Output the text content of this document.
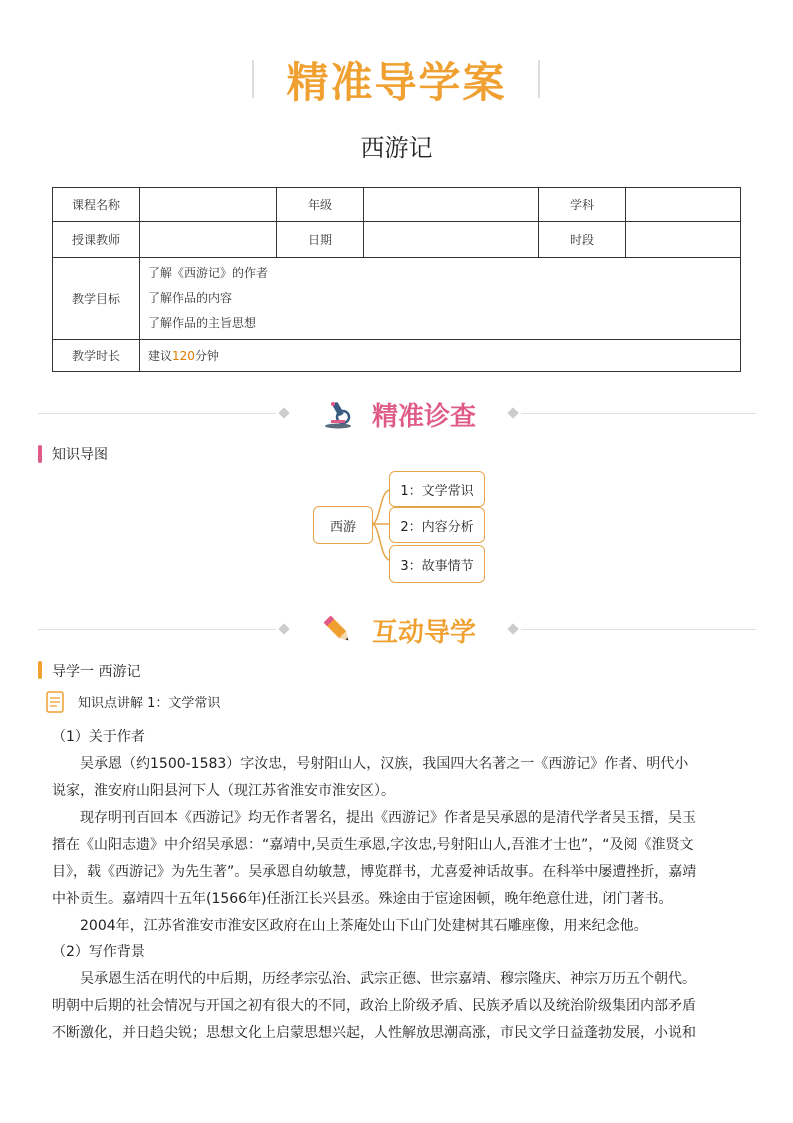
精准导学案
西游记
课程名称		年级		学科	
授课教师		日期		时段	
教学目标	了解《西游记》的作者
了解作品的内容
了解作品的主旨思想				

教学时长	建议120分钟				
精准诊查
知识导图
西游
1：文学常识
2：内容分析
3：故事情节
互动导学
导学一 西游记
知识点讲解 1：文学常识
（1）关于作者
吴承恩（约1500-1583）字汝忠，号射阳山人，汉族，我国四大名著之一《西游记》作者、明代小说家，淮安府山阳县河下人（现江苏省淮安市淮安区）。
现存明刊百回本《西游记》均无作者署名，提出《西游记》作者是吴承恩的是清代学者吴玉搢，吴玉搢在《山阳志遗》中介绍吴承恩：“嘉靖中,吴贡生承恩,字汝忠,号射阳山人,吾淮才士也”，“及阅《淮贤文目》，载《西游记》为先生著”。吴承恩自幼敏慧，博览群书，尤喜爱神话故事。在科举中屡遭挫折，嘉靖中补贡生。嘉靖四十五年(1566年)任浙江长兴县丞。殊途由于宦途困顿，晚年绝意仕进，闭门著书。
2004年，江苏省淮安市淮安区政府在山上茶庵处山下山门处建树其石雕座像，用来纪念他。
（2）写作背景
吴承恩生活在明代的中后期，历经孝宗弘治、武宗正德、世宗嘉靖、穆宗隆庆、神宗万历五个朝代。明朝中后期的社会情况与开国之初有很大的不同，政治上阶级矛盾、民族矛盾以及统治阶级集团内部矛盾不断激化，并日趋尖锐；思想文化上启蒙思想兴起，人性解放思潮高涨，市民文学日益蓬勃发展，小说和
